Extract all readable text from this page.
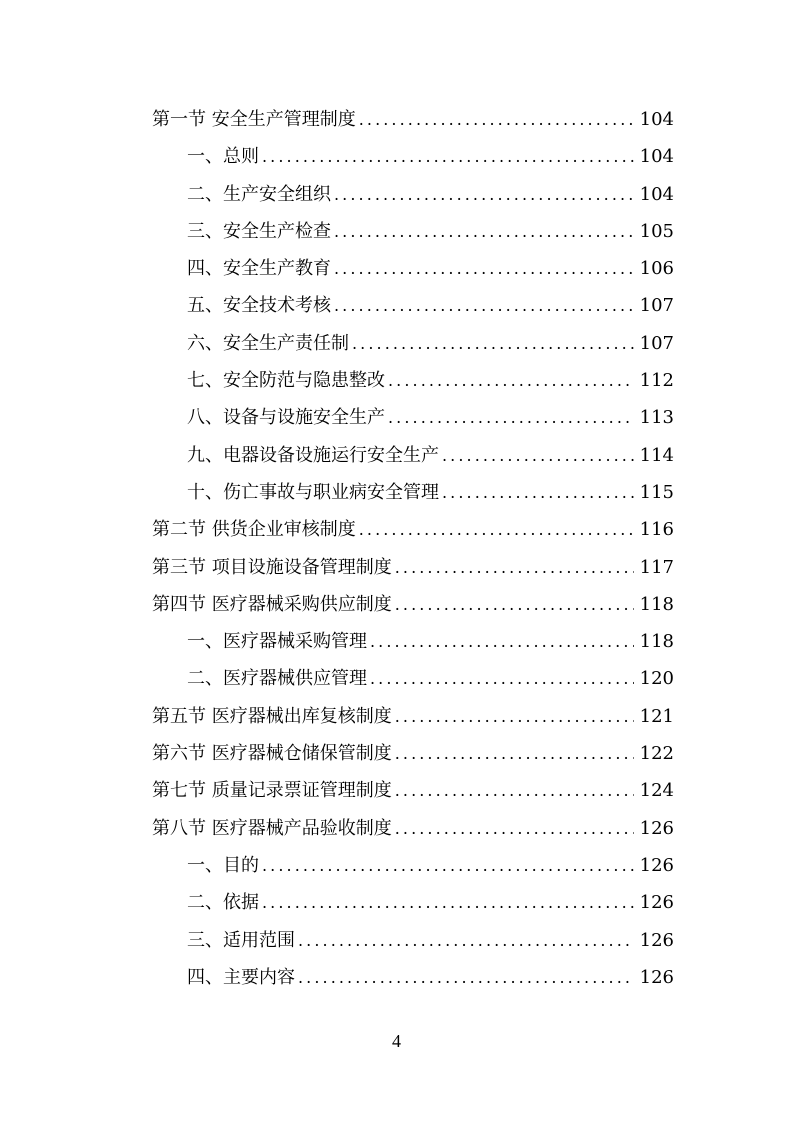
第一节 安全生产管理制度 . . .	104
一、总则 . . .	104
二、生产安全组织 . . .	104
三、安全生产检查 . . .	105
四、安全生产教育 . . .	106
五、安全技术考核 . . .	107
六、安全生产责任制 . . .	107
七、安全防范与隐患整改 . . .	112
八、设备与设施安全生产 . . .	113
九、电器设备设施运行安全生产 . . .	114
十、伤亡事故与职业病安全管理 . . .	115
第二节 供货企业审核制度 . . .	116
第三节 项目设施设备管理制度 . . .	117
第四节 医疗器械采购供应制度 . . .	118
一、医疗器械采购管理 . . .	118
二、医疗器械供应管理 . . .	120
第五节 医疗器械出库复核制度 . . .	121
第六节 医疗器械仓储保管制度 . . .	122
第七节 质量记录票证管理制度 . . .	124
第八节 医疗器械产品验收制度 . . .	126
一、目的 . . .	126
二、依据 . . .	126
三、适用范围 . . .	126
四、主要内容 . . .	126
4
